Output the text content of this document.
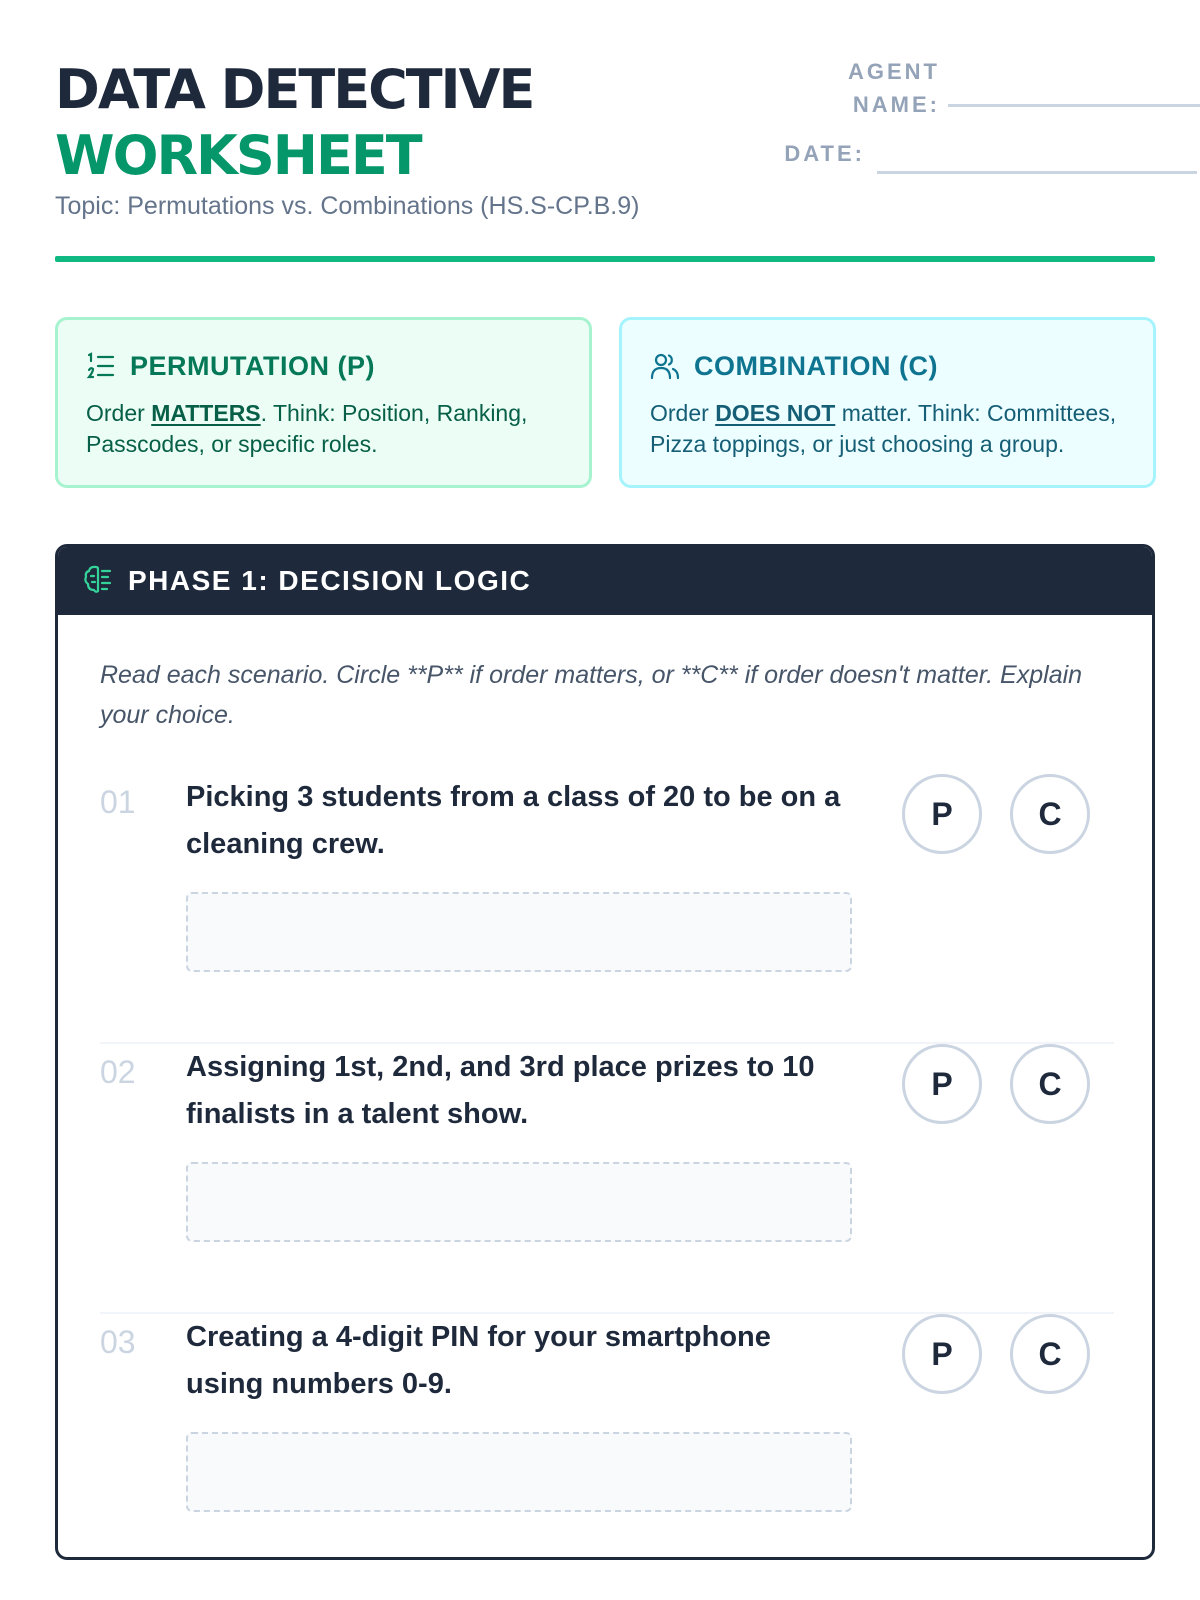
DATA DETECTIVE
WORKSHEET
Topic: Permutations vs. Combinations (HS.S-CP.B.9)
AGENT NAME:
DATE:
PERMUTATION (P)
Order MATTERS. Think: Position, Ranking, Passcodes, or specific roles.
COMBINATION (C)
Order DOES NOT matter. Think: Committees, Pizza toppings, or just choosing a group.
PHASE 1: DECISION LOGIC
Read each scenario. Circle **P** if order matters, or **C** if order doesn't matter. Explain your choice.
01 Picking 3 students from a class of 20 to be on a cleaning crew.
P	C
02 Assigning 1st, 2nd, and 3rd place prizes to 10 finalists in a talent show.
P	C
03 Creating a 4-digit PIN for your smartphone using numbers 0-9.
P	C
